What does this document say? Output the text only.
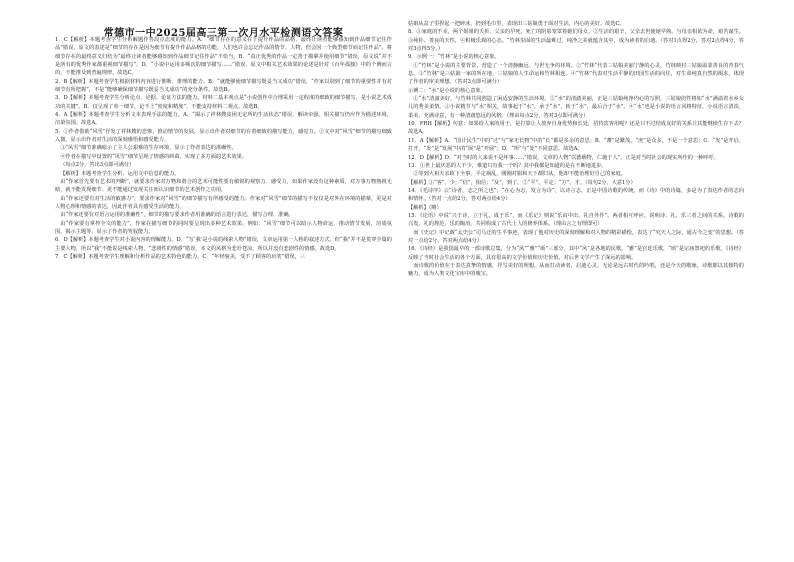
常德市一中2025届高三第一次月水平检测语文答案

1．C【解析】本题考查学生分析解题作答段点态度的能力。A．“细节存在的意义在于提升作品的品格，最终让读者能够感知到作品细节记住作品”错误，原文的表述是“细节的存在是因为细节有提升作品品格的功能，人们也许会忘记作品的情节、人物，但会因一个典型细节而记住作品”，将细节存在的最终意义归结为“最终让读者能够感知到作品细节记住作品”不恰当。B．“真正优秀的作品一定善于描摹并使用细节”错误，原文说“并不是所有的优秀作家都重视细节描写”。D．“小说中运用多频次的细节描写……”错误，原文中相关艺术效果的论述是针对《百年孤独》中的个例而言的，不能推及到普遍规律。故选C。

2．B【解析】本题考查学生根据材料内容进行推断、推理的能力。B．“就能够使细节描写既妥当又成功”错误，“作家以别到了细节的重要性并有对细节有所把握”，不是“能够确保细节描写既妥当又成功”的充分条件。故选B。

3．D【解析】本题考查学生分析论点、论据、论证方法的能力。材料二基本观点是“小说创作中合理采用一定程度的细致的细节描写，是小说艺术成功的关键”。B．仅呈现了单一细节，论不上“密度和精度”，不能支持材料二观点。故选B。

4．A【解析】本题考查学生分析文本表现手法的能力。A．“揭示了祥林嫂贫困无定所的生活状态”错误，解读牵强。相关描写仍应作为描述环境，渲染氛围。故选A。

5．①作者借助“风雪”抒发了祥林嫂的悲惨，推动情节的发展，显示出作者对细节的有着细致的描写能力，感觉力。②文中对“风雪”细节的描写细致入微，显示出作者对生活的深刻感悟和感受能力。

③“风雪”细节准确暗示了主人公艰难的生存环境，显示了作者表达的准确性。

④作者在描写中设置的“风雪”细节呈现了情感的纠葛，实现了多方面的艺术效果。

（每点2分，答出3点即可满分）

【解析】本题考查学生分析、运用文中信息的能力。

由“作家首先要有艺术的判断”，就要求作家对万物和谐合的艺术可能性要有敏锐的观察力、感受力，如果作家没有这种素质，对万事万物熟视无睹，就不能发现细节、更不能通过发现关注而认识细节的艺术创作之功用。

由“作家还要有对生活的敏感力”，要求作家对“风雪”的细节描写有所感受的能力；作家对“风雪”细节的描写不仅仅是对外在环境的描摹，更是对人物心理和情感的表达，因此作者具有感受生活的能力。

由“作家还要有对语言运用的准确性”，细节的描写要求作者用准确的语言进行表达，描写合理、准确。

由“作家要有掌控全文的能力”，作家在描写细节的同时要呈现出多种艺术效果，例如：“风雪”细节可以暗示人物命运，推动情节发展，渲染氛围，揭示主题等，显示了作者的驾驭能力。

6．D【解析】本题考查学生对小说内容的理解能力。D．“写‘我’是小说的线索人物”错误，文章运用第一人称的叙述方式，但“我”并不是贯穿全篇的主要人物，所以“我”不能说是线索人物，“悲剧性的情感”错误，本文的风格为悲壮苍凉，所以并没有悲剧性的情感。故选D。

7．C【解析】本题考查学生理解和分析作品的艺术特色的能力。C．“年轻貌美，受不了顾客的玩笑”错误，三

姑娘从盆子里捏起一把碎冰，扔到毛巾里，表现出三姑娘勇于面对生活，内心的美好。故选C。

8．①家庭的不幸，两个姐姐的夭折，父亲的早死，死亡的阴影笼罩着她们母女。②生活的艰辛，父亲去世使她早熟，与母亲相依为命，艰苦谋生。③纯朴、善良的天性，④积极乐观的心态。“竹林里面的生活最难过，纯净之美就蕴含其中，成为读者的启迪。（答对1点得2分，答对2点得4分，答对3点得5分。）

9．示例一：“竹林”是小说的核心意象。

①“竹林”是小说的主要背景，营造了一个清静幽远、与世无争的环境。②“竹林”代表三姑娘美丽宁静的心灵，竹林映衬三姑娘温柔善良的青春气息。③“竹林”是三姑娘一家的所在地，三姑娘的人生命运和竹林相连。④“竹林”代表对生活平静的田园生活的向往，对生命纯真自然的渴求，体现了作者的审美理想。（答对3点即可满分）

示例二：“水”是小说的核心意象。

①“水”清澈美好，与竹林共同创造了闲适安静的生活环境。②“水”的清澈美丽，正是三姑娘纯净内心的写照，三姑娘的性格如“水”满溢着水乡女儿的秀美柔情。③小说精节与“水”相关，故事起于“水”，承于“水”，转于“水”，最后合于“水”。④“水”也是小说的语言风格特征，小说语言清淡、柔美，充满诗意，有一种清澈悠远的风格。（理由每点2分，答对3点即可满分）

10．FRH【解析】句意：如果给人家的用于，是打算让人放弃自身优势和长处，招待宾客用呢？还是只不过结成友好的关系让其能继续生存下去？故选A。

11．A【解析】A．“国计民生”中的“过”与“家无长物”中的“长”都是多余的意思；B．“蕃”是繁茂，“庶”是众多，不是一个意思；C．“发”是开启、打开，“发”是“发展”中的“展”是“开展”；D．“所”与“处”不同意思。故选A。

12．D【解析】D．“对当时的人来说不是坏事……”错误，文章的人物“以德载物，仁施于人”，正是对当时社会的现实所作的一种呼吁。

13．①世上最厌恶的人不少，难道只有我一个吗？其中我都是知道的是在不断地进步。

②等到大祖夫亲政下全事，平定祸乱，刚刚对服和天下都归从，他却不能治理好自己的家庭。

【解析】①“客”，少；“信”，相信；“及”，到了。②“平”，平定；“方”，才。（每句2分，大意1分）

14．《毛诗序》云“诗者，志之所之也”，“在心为志，发言为诗”，以诗言志，正是中国诗歌的传统，而《诗》中的诗篇，多是为了表达作者的志向和情怀。（答对一点给2分，答对两点给4分）

【解析】（略）

15．《论语》中说“兴于诗，立于礼，成于乐”，而《乐记》则说“乐由中出，礼自外作”。两者相互呼应，说明诗、礼、乐三者之间的关系。诗歌的兴发，礼的规范，乐的陶冶，共同构成了古代士人的修养体系。（理由言之有理即可）

而《史记》中记载“太史公”司马迁的生平事迹，表现了他对历史的深刻理解和对人物的精彩描绘，表达了“究天人之际，通古今之变”的思想。（答对一点给2分，答对两点给4分）

16．《诗经》是我国最早的一部诗歌总集，分为“风”“雅”“颂”三部分，其中“风”是各地的民歌，“雅”是宫廷乐歌，“颂”是宗庙祭祀的乐歌。《诗经》反映了当时社会生活的各个方面，具有很高的文学价值和历史价值，对后世文学产生了深远的影响。

而诗歌的价值在于表达真挚的情感，抒写美好的理想，从而打动读者，启迪心灵。无论是远古时代的吟唱，还是今天的歌咏，诗歌都以其独特的魅力，成为人类文化宝库中的瑰宝。
